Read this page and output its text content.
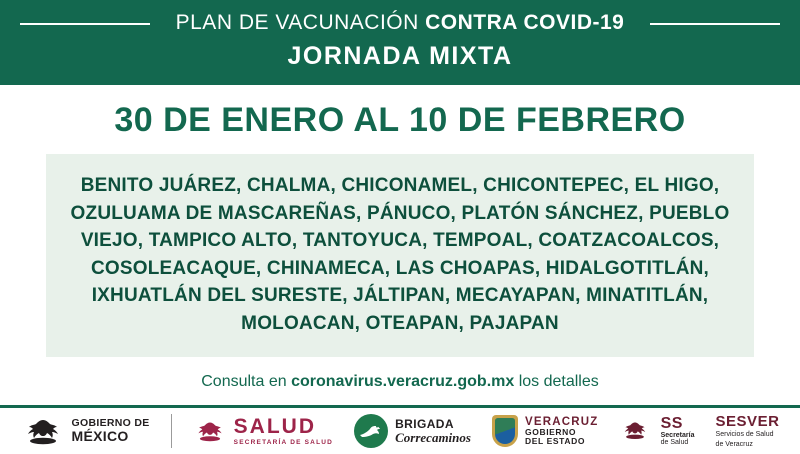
PLAN DE VACUNACIÓN CONTRA COVID-19
JORNADA MIXTA
30 DE ENERO AL 10 DE FEBRERO
BENITO JUÁREZ, CHALMA, CHICONAMEL, CHICONTEPEC, EL HIGO, OZULUAMA DE MASCAREÑAS, PÁNUCO, PLATÓN SÁNCHEZ, PUEBLO VIEJO, TAMPICO ALTO, TANTOYUCA, TEMPOAL, COATZACOALCOS, COSOLEACAQUE, CHINAMECA, LAS CHOAPAS, HIDALGOTITLÁN, IXHUATLÁN DEL SURESTE, JÁLTIPAN, MECAYAPAN, MINATITLÁN, MOLOACAN, OTEAPAN, PAJAPAN
Consulta en coronavirus.veracruz.gob.mx los detalles
GOBIERNO DE
MÉXICO	SALUD
SECRETARÍA DE SALUD
BRIGADA
Correcaminos
VERACRUZ
GOBIERNO
DEL ESTADO
SS
Secretaría
de Salud
SESVER
Servicios de Salud
de Veracruz
